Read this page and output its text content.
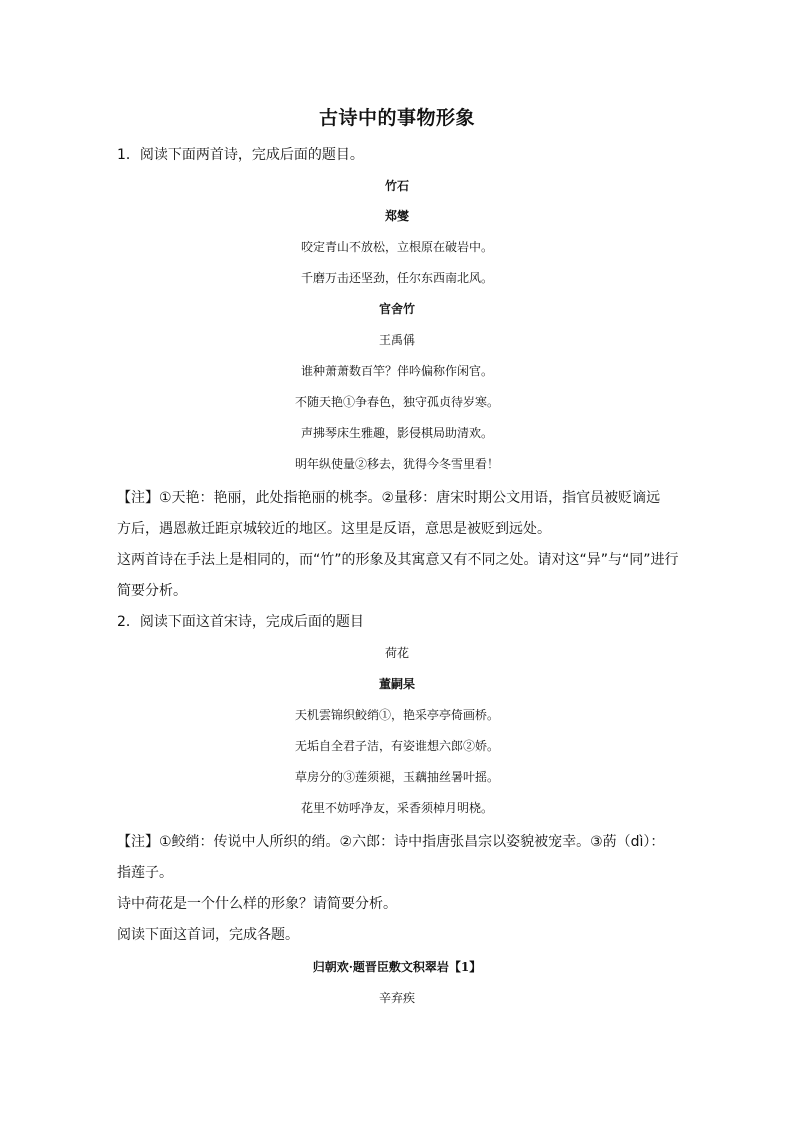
古诗中的事物形象
1．阅读下面两首诗，完成后面的题目。
竹石
郑燮
咬定青山不放松，立根原在破岩中。
千磨万击还坚劲，任尔东西南北风。
官舍竹
王禹偁
谁种萧萧数百竿？伴吟偏称作闲官。
不随天艳①争春色，独守孤贞待岁寒。
声拂琴床生雅趣，影侵棋局助清欢。
明年纵使量②移去，犹得今冬雪里看！
【注】①天艳：艳丽，此处指艳丽的桃李。②量移：唐宋时期公文用语，指官员被贬谪远
方后，遇恩赦迁距京城较近的地区。这里是反语，意思是被贬到远处。
这两首诗在手法上是相同的，而“竹”的形象及其寓意又有不同之处。请对这“异”与“同”进行
简要分析。
2．阅读下面这首宋诗，完成后面的题目
荷花
董嗣杲
天机雲锦织鲛绡①，艳采亭亭倚画桥。
无垢自全君子洁，有姿谁想六郎②娇。
草房分的③莲须褪，玉藕抽丝暑叶摇。
花里不妨呼净友，采香须棹月明桡。
【注】①鲛绡：传说中人所织的绡。②六郎：诗中指唐张昌宗以姿貌被宠幸。③菂（dì）：
指莲子。
诗中荷花是一个什么样的形象？请简要分析。
阅读下面这首词，完成各题。
归朝欢·题晋臣敷文积翠岩【1】
辛弃疾
